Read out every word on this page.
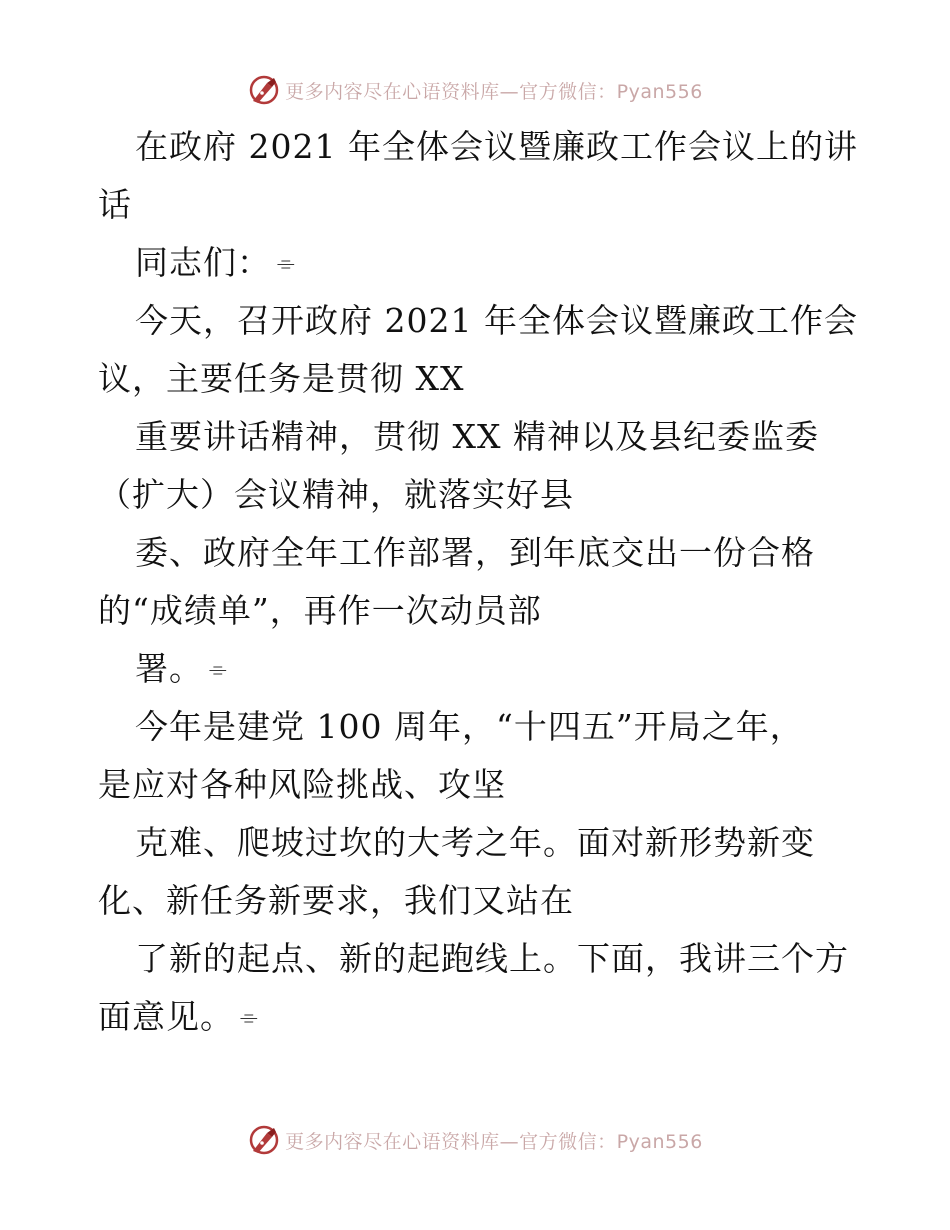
更多内容尽在心语资料库—官方微信：Pyan556
在政府 2021 年全体会议暨廉政工作会议上的讲
话
同志们： ⌯
今天，召开政府 2021 年全体会议暨廉政工作会
议，主要任务是贯彻 XX
重要讲话精神，贯彻 XX 精神以及县纪委监委
（扩大）会议精神，就落实好县
委、政府全年工作部署，到年底交出一份合格
的“成绩单”，再作一次动员部
署。 ⌯
今年是建党 100 周年，“十四五”开局之年，
是应对各种风险挑战、攻坚
克难、爬坡过坎的大考之年。面对新形势新变
化、新任务新要求，我们又站在
了新的起点、新的起跑线上。下面，我讲三个方
面意见。 ⌯
更多内容尽在心语资料库—官方微信：Pyan556
